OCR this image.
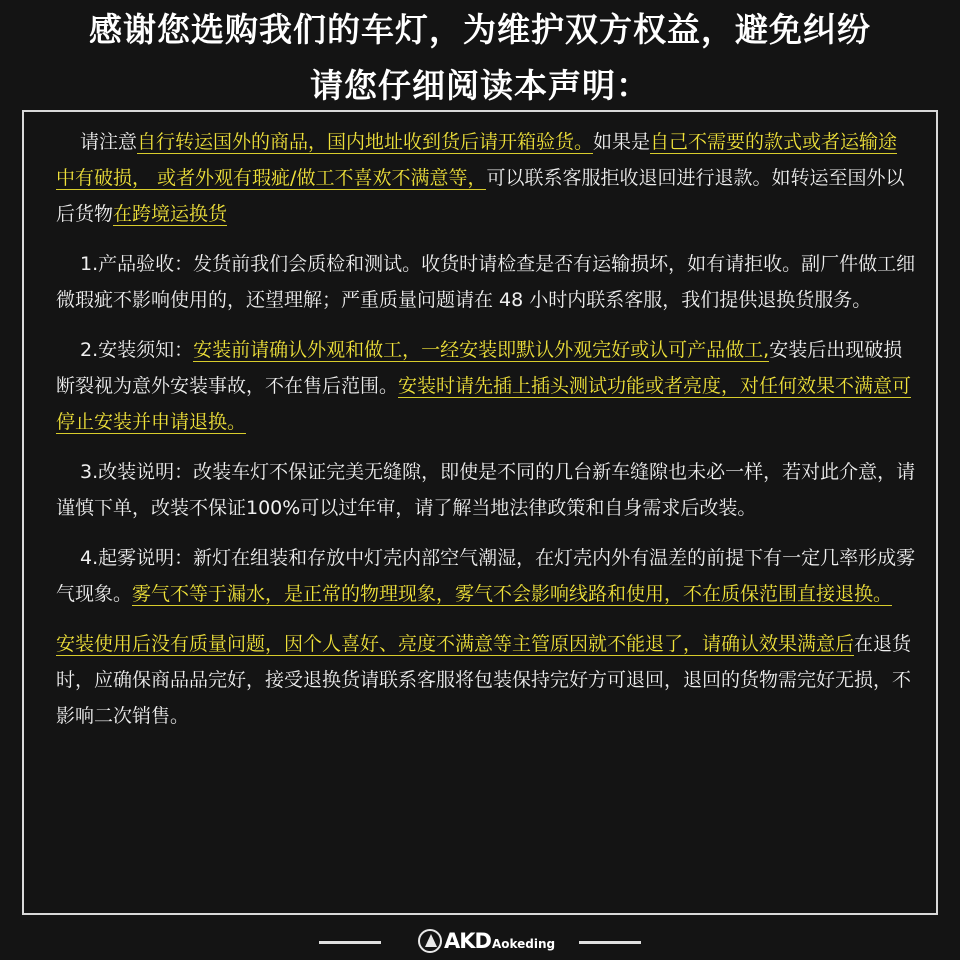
感谢您选购我们的车灯，为维护双方权益，避免纠纷
请您仔细阅读本声明：

请注意自行转运国外的商品，国内地址收到货后请开箱验货。如果是自己不需要的款式或者运输途中有破损， 或者外观有瑕疵/做工不喜欢不满意等，可以联系客服拒收退回进行退款。如转运至国外以后货物在跨境运换货

1.产品验收：发货前我们会质检和测试。收货时请检查是否有运输损坏，如有请拒收。副厂件做工细微瑕疵不影响使用的，还望理解；严重质量问题请在 48 小时内联系客服，我们提供退换货服务。

2.安装须知：安装前请确认外观和做工，一经安装即默认外观完好或认可产品做工,安装后出现破损断裂视为意外安装事故，不在售后范围。安装时请先插上插头测试功能或者亮度，对任何效果不满意可停止安装并申请退换。

3.改装说明：改装车灯不保证完美无缝隙，即使是不同的几台新车缝隙也未必一样，若对此介意，请谨慎下单，改装不保证100%可以过年审，请了解当地法律政策和自身需求后改装。

4.起雾说明：新灯在组装和存放中灯壳内部空气潮湿，在灯壳内外有温差的前提下有一定几率形成雾气现象。雾气不等于漏水，是正常的物理现象，雾气不会影响线路和使用，不在质保范围直接退换。

安装使用后没有质量问题，因个人喜好、亮度不满意等主管原因就不能退了，请确认效果满意后在退货时，应确保商品品完好，接受退换货请联系客服将包装保持完好方可退回，退回的货物需完好无损，不影响二次销售。

AKD Aokeding
